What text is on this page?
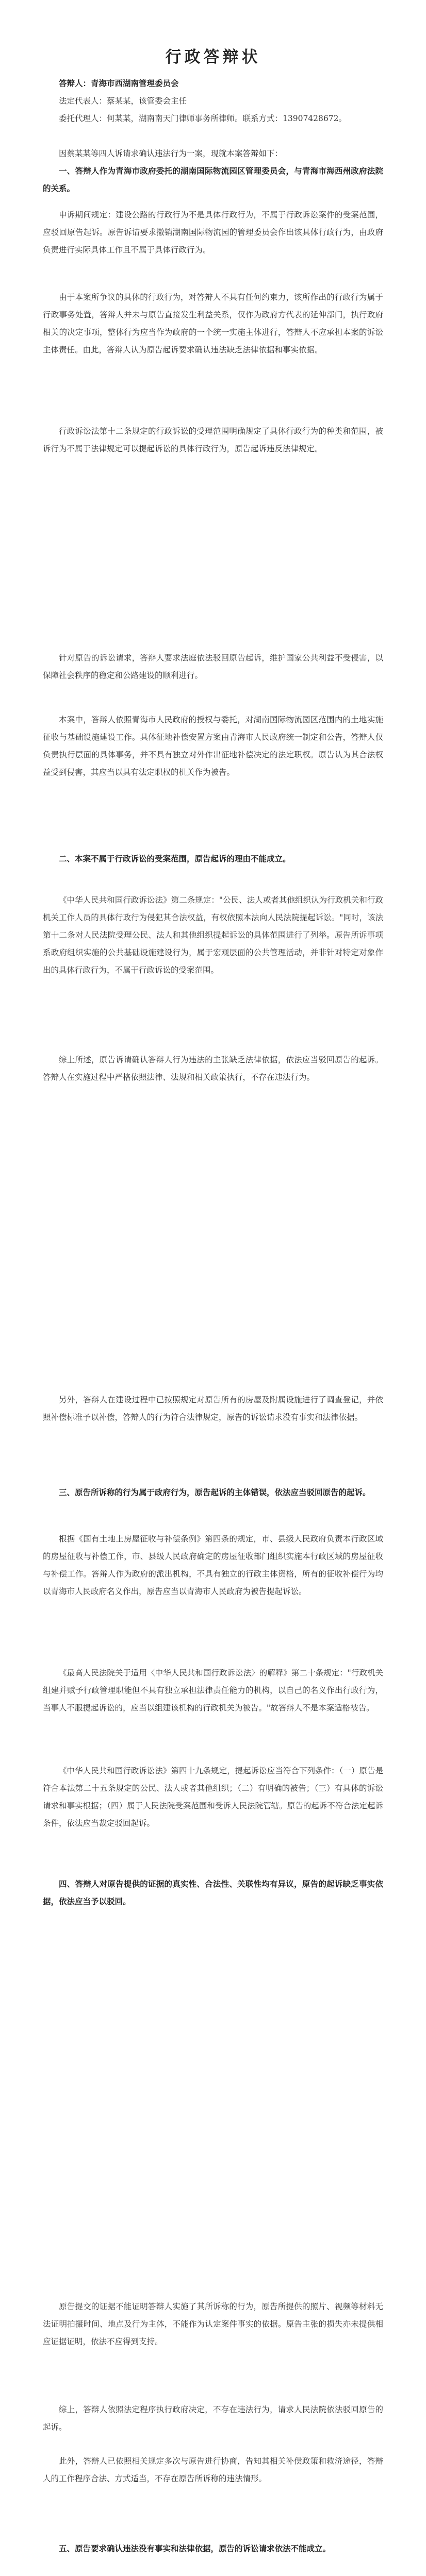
行政答辩状
答辩人：青海市西湖南管理委员会
法定代表人：蔡某某，该管委会主任
委托代理人：何某某，湖南南天门律师事务所律师。联系方式：13907428672。
因蔡某某等四人诉请求确认违法行为一案，现就本案答辩如下：
一、答辩人作为青海市政府委托的湖南国际物流园区管理委员会，与青海市海西州政府法院的关系。
申诉期间规定：建设公路的行政行为不是具体行政行为，不属于行政诉讼案件的受案范围，应驳回原告起诉。原告诉请要求撤销湖南国际物流园的管理委员会作出该具体行政行为，由政府负责进行实际具体工作且不属于具体行政行为。
由于本案所争议的具体的行政行为，对答辩人不具有任何约束力，该所作出的行政行为属于行政事务处置，答辩人并未与原告直接发生利益关系，仅作为政府方代表的延伸部门，执行政府相关的决定事项，整体行为应当作为政府的一个统一实施主体进行，答辩人不应承担本案的诉讼主体责任。由此，答辩人认为原告起诉要求确认违法缺乏法律依据和事实依据。
行政诉讼法第十二条规定的行政诉讼的受理范围明确规定了具体行政行为的种类和范围，被诉行为不属于法律规定可以提起诉讼的具体行政行为，原告起诉违反法律规定。
针对原告的诉讼请求，答辩人要求法庭依法驳回原告起诉，维护国家公共利益不受侵害，以保障社会秩序的稳定和公路建设的顺利进行。
本案中，答辩人依照青海市人民政府的授权与委托，对湖南国际物流园区范围内的土地实施征收与基础设施建设工作。具体征地补偿安置方案由青海市人民政府统一制定和公告，答辩人仅负责执行层面的具体事务，并不具有独立对外作出征地补偿决定的法定职权。原告认为其合法权益受到侵害，其应当以具有法定职权的机关作为被告。
二、本案不属于行政诉讼的受案范围，原告起诉的理由不能成立。
《中华人民共和国行政诉讼法》第二条规定："公民、法人或者其他组织认为行政机关和行政机关工作人员的具体行政行为侵犯其合法权益，有权依照本法向人民法院提起诉讼。"同时，该法第十二条对人民法院受理公民、法人和其他组织提起诉讼的具体范围进行了列举。原告所诉事项系政府组织实施的公共基础设施建设行为，属于宏观层面的公共管理活动，并非针对特定对象作出的具体行政行为，不属于行政诉讼的受案范围。
综上所述，原告诉请确认答辩人行为违法的主张缺乏法律依据，依法应当驳回原告的起诉。答辩人在实施过程中严格依照法律、法规和相关政策执行，不存在违法行为。
另外，答辩人在建设过程中已按照规定对原告所有的房屋及附属设施进行了调查登记，并依照补偿标准予以补偿，答辩人的行为符合法律规定，原告的诉讼请求没有事实和法律依据。
三、原告所诉称的行为属于政府行为，原告起诉的主体错误，依法应当驳回原告的起诉。
根据《国有土地上房屋征收与补偿条例》第四条的规定，市、县级人民政府负责本行政区域的房屋征收与补偿工作，市、县级人民政府确定的房屋征收部门组织实施本行政区域的房屋征收与补偿工作。答辩人作为政府的派出机构，不具有独立的行政主体资格，所有的征收补偿行为均以青海市人民政府名义作出，原告应当以青海市人民政府为被告提起诉讼。
《最高人民法院关于适用〈中华人民共和国行政诉讼法〉的解释》第二十条规定："行政机关组建并赋予行政管理职能但不具有独立承担法律责任能力的机构，以自己的名义作出行政行为，当事人不服提起诉讼的，应当以组建该机构的行政机关为被告。"故答辩人不是本案适格被告。
《中华人民共和国行政诉讼法》第四十九条规定，提起诉讼应当符合下列条件：（一）原告是符合本法第二十五条规定的公民、法人或者其他组织；（二）有明确的被告；（三）有具体的诉讼请求和事实根据；（四）属于人民法院受案范围和受诉人民法院管辖。原告的起诉不符合法定起诉条件，依法应当裁定驳回起诉。
四、答辩人对原告提供的证据的真实性、合法性、关联性均有异议，原告的起诉缺乏事实依据，依法应当予以驳回。
原告提交的证据不能证明答辩人实施了其所诉称的行为，原告所提供的照片、视频等材料无法证明拍摄时间、地点及行为主体，不能作为认定案件事实的依据。原告主张的损失亦未提供相应证据证明，依法不应得到支持。
综上，答辩人依照法定程序执行政府决定，不存在违法行为，请求人民法院依法驳回原告的起诉。
此外，答辩人已依照相关规定多次与原告进行协商，告知其相关补偿政策和救济途径，答辩人的工作程序合法、方式适当，不存在原告所诉称的违法情形。
五、原告要求确认违法没有事实和法律依据，原告的诉讼请求依法不能成立。
